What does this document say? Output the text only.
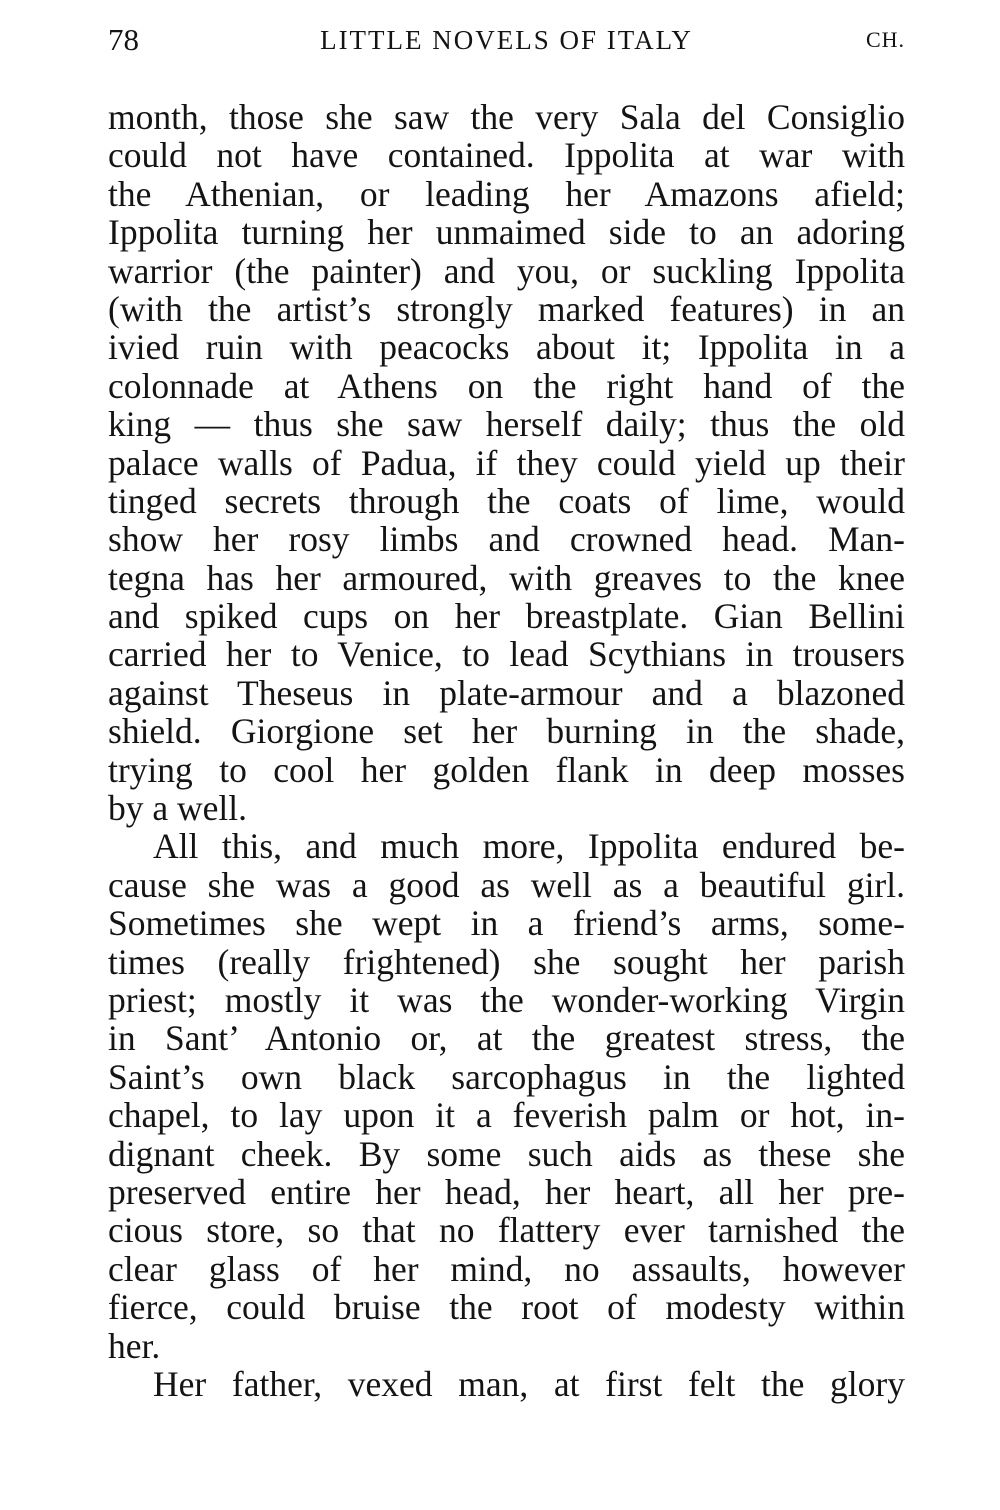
78	LITTLE NOVELS OF ITALY	CH.
month, those she saw the very Sala del Consiglio
could not have contained. Ippolita at war with
the Athenian, or leading her Amazons afield;
Ippolita turning her unmaimed side to an adoring
warrior (the painter) and you, or suckling Ippolita
(with the artist’s strongly marked features) in an
ivied ruin with peacocks about it; Ippolita in a
colonnade at Athens on the right hand of the
king — thus she saw herself daily; thus the old
palace walls of Padua, if they could yield up their
tinged secrets through the coats of lime, would
show her rosy limbs and crowned head. Man-
tegna has her armoured, with greaves to the knee
and spiked cups on her breastplate. Gian Bellini
carried her to Venice, to lead Scythians in trousers
against Theseus in plate-armour and a blazoned
shield. Giorgione set her burning in the shade,
trying to cool her golden flank in deep mosses
by a well.
All this, and much more, Ippolita endured be-
cause she was a good as well as a beautiful girl.
Sometimes she wept in a friend’s arms, some-
times (really frightened) she sought her parish
priest; mostly it was the wonder-working Virgin
in Sant’ Antonio or, at the greatest stress, the
Saint’s own black sarcophagus in the lighted
chapel, to lay upon it a feverish palm or hot, in-
dignant cheek. By some such aids as these she
preserved entire her head, her heart, all her pre-
cious store, so that no flattery ever tarnished the
clear glass of her mind, no assaults, however
fierce, could bruise the root of modesty within
her.
Her father, vexed man, at first felt the glory
